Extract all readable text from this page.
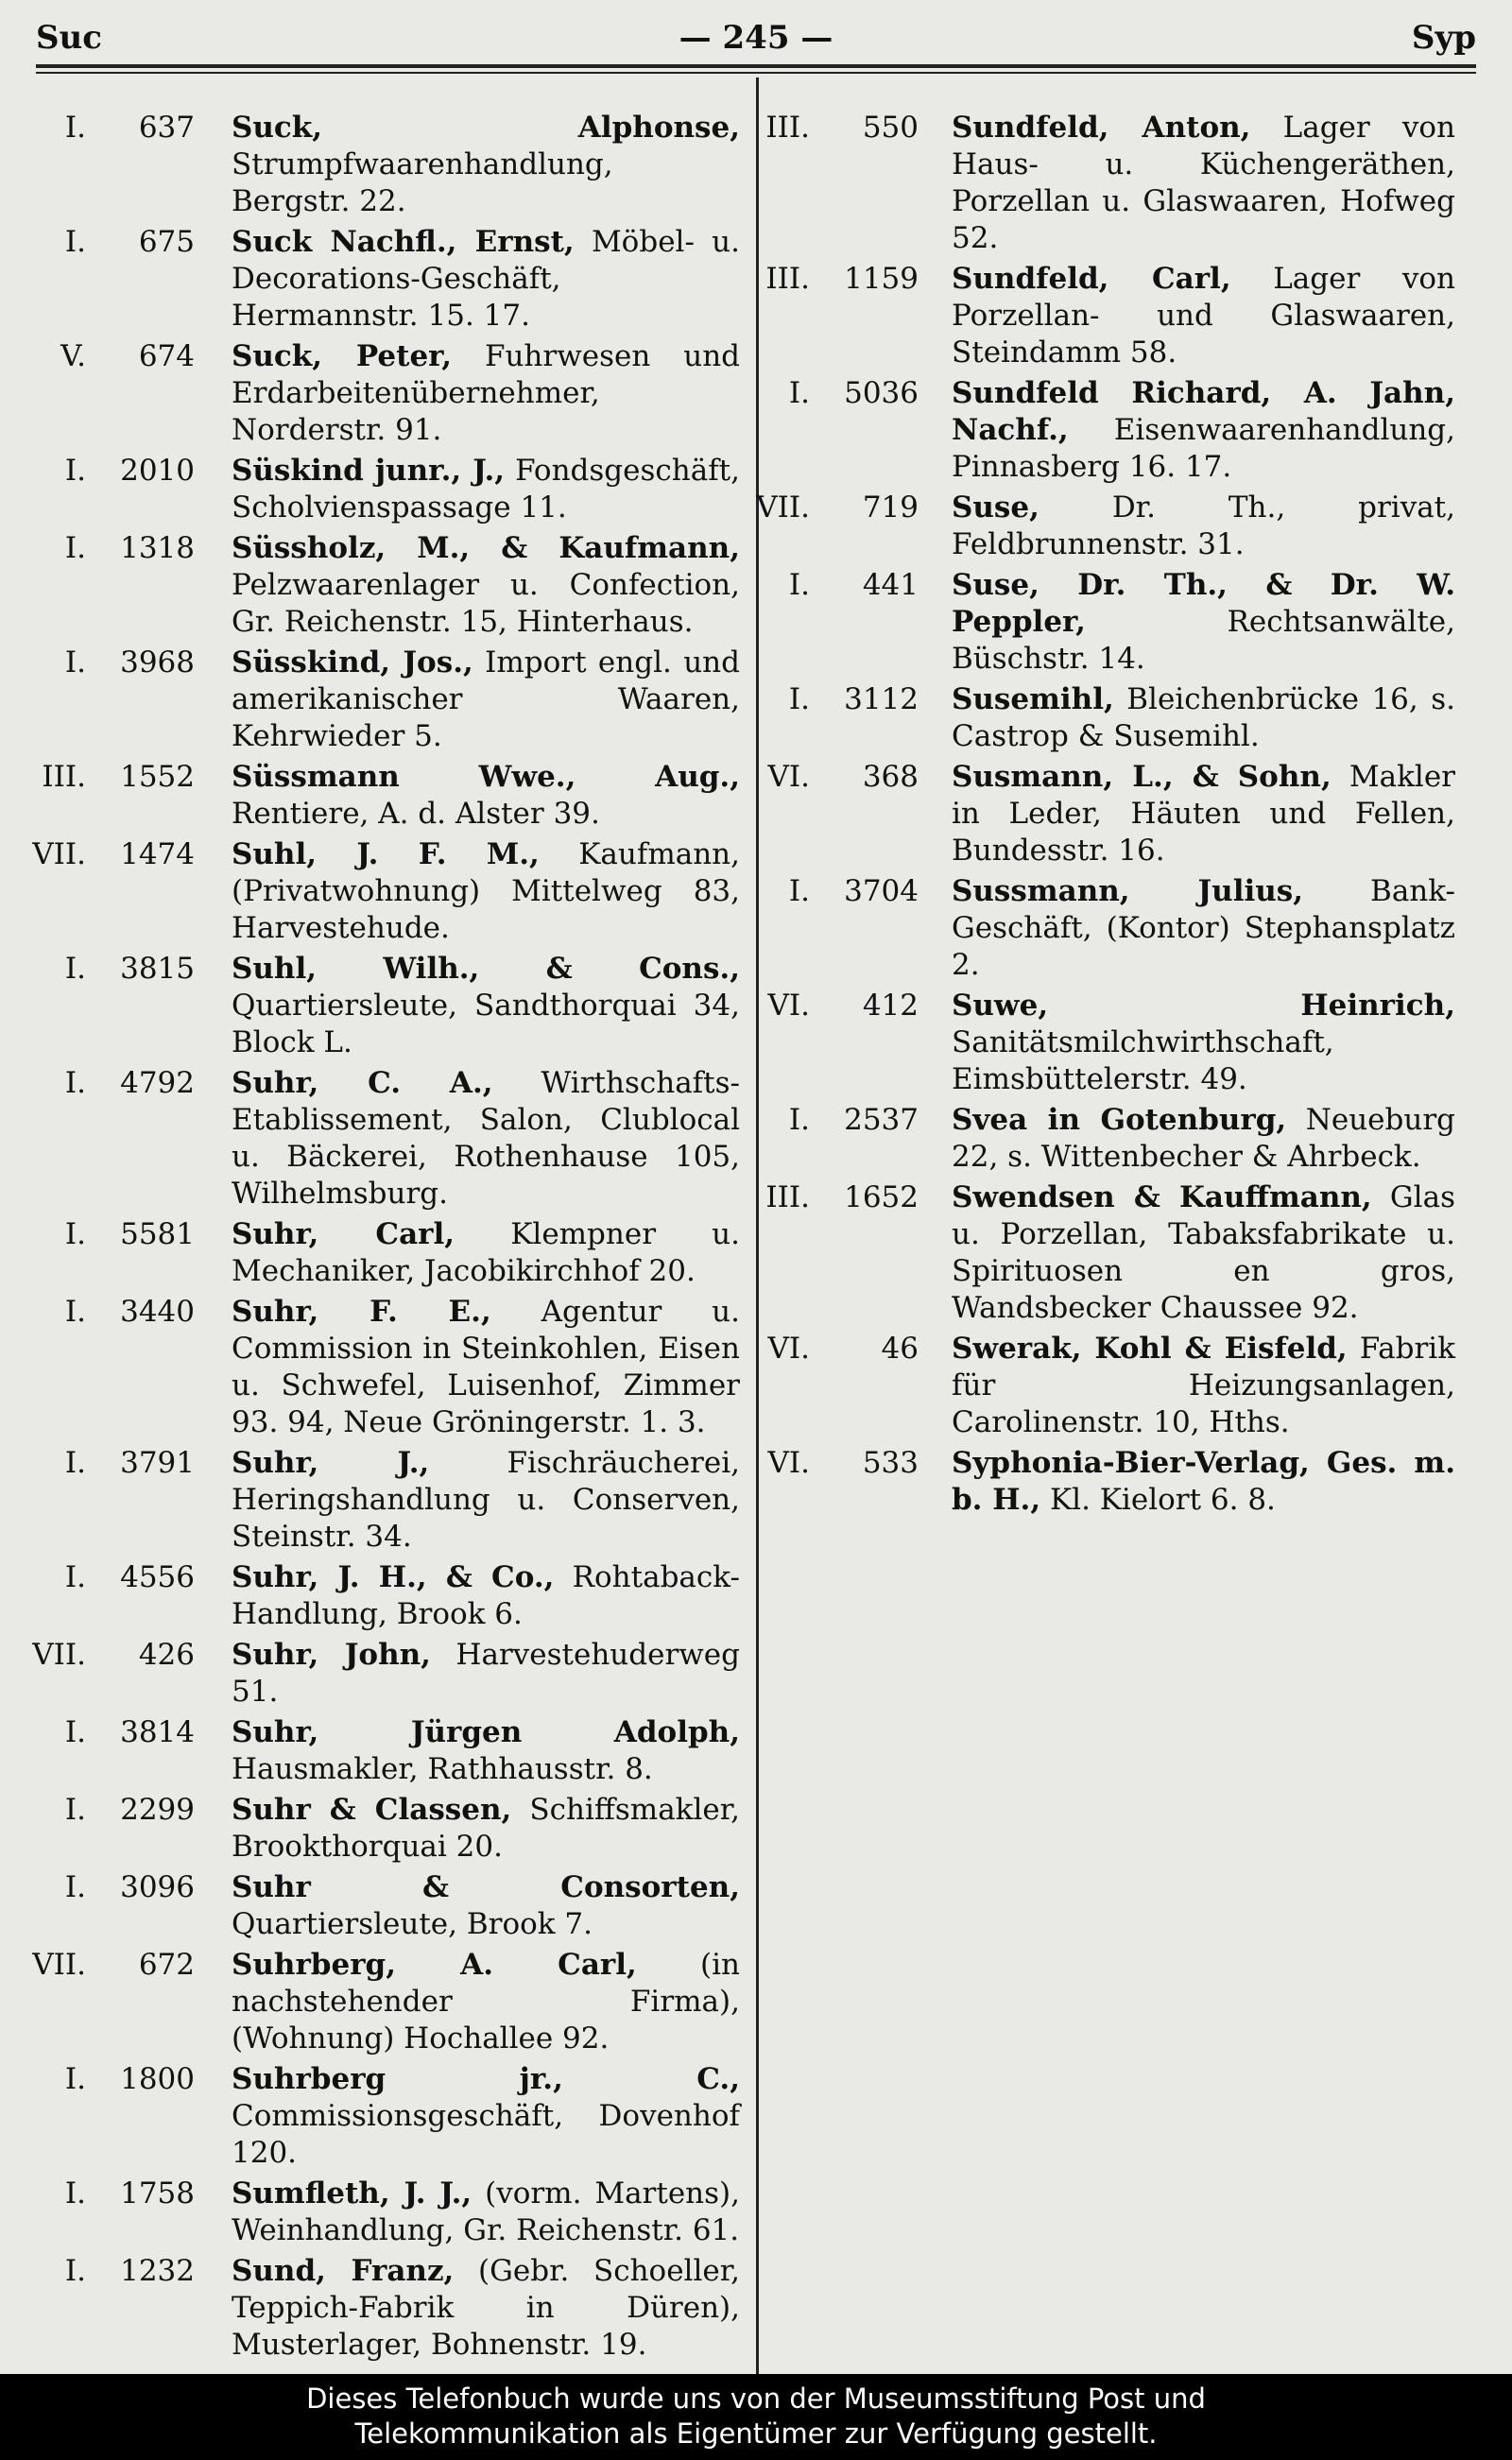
Suc	— 245 —	Syp
I. 637 Suck, Alphonse, Strumpfwaarenhandlung, Bergstr. 22.
I. 675 Suck Nachfl., Ernst, Möbel- u. Decorations-Geschäft, Hermannstr. 15. 17.
V. 674 Suck, Peter, Fuhrwesen und Erdarbeitenübernehmer, Norderstr. 91.
I. 2010 Süskind junr., J., Fondsgeschäft, Scholvienspassage 11.
I. 1318 Süssholz, M., & Kaufmann, Pelzwaarenlager u. Confection, Gr. Reichenstr. 15, Hinterhaus.
I. 3968 Süsskind, Jos., Import engl. und amerikanischer Waaren, Kehrwieder 5.
III. 1552 Süssmann Wwe., Aug., Rentiere, A. d. Alster 39.
VII. 1474 Suhl, J. F. M., Kaufmann, (Privatwohnung) Mittelweg 83, Harvestehude.
I. 3815 Suhl, Wilh., & Cons., Quartiersleute, Sandthorquai 34, Block L.
I. 4792 Suhr, C. A., Wirthschafts-Etablissement, Salon, Clublocal u. Bäckerei, Rothenhause 105, Wilhelmsburg.
I. 5581 Suhr, Carl, Klempner u. Mechaniker, Jacobikirchhof 20.
I. 3440 Suhr, F. E., Agentur u. Commission in Steinkohlen, Eisen u. Schwefel, Luisenhof, Zimmer 93. 94, Neue Gröningerstr. 1. 3.
I. 3791 Suhr, J., Fischräucherei, Heringshandlung u. Conserven, Steinstr. 34.
I. 4556 Suhr, J. H., & Co., Rohtaback-Handlung, Brook 6.
VII. 426 Suhr, John, Harvestehuderweg 51.
I. 3814 Suhr, Jürgen Adolph, Hausmakler, Rathhausstr. 8.
I. 2299 Suhr & Classen, Schiffsmakler, Brookthorquai 20.
I. 3096 Suhr & Consorten, Quartiersleute, Brook 7.
VII. 672 Suhrberg, A. Carl, (in nachstehender Firma), (Wohnung) Hochallee 92.
I. 1800 Suhrberg jr., C., Commissionsgeschäft, Dovenhof 120.
I. 1758 Sumfleth, J. J., (vorm. Martens), Weinhandlung, Gr. Reichenstr. 61.
I. 1232 Sund, Franz, (Gebr. Schoeller, Teppich-Fabrik in Düren), Musterlager, Bohnenstr. 19.
III. 550 Sundfeld, Anton, Lager von Haus- u. Küchengeräthen, Porzellan u. Glaswaaren, Hofweg 52.
III. 1159 Sundfeld, Carl, Lager von Porzellan- und Glaswaaren, Steindamm 58.
I. 5036 Sundfeld Richard, A. Jahn, Nachf., Eisenwaarenhandlung, Pinnasberg 16. 17.
VII. 719 Suse, Dr. Th., privat, Feldbrunnenstr. 31.
I. 441 Suse, Dr. Th., & Dr. W. Peppler, Rechtsanwälte, Büschstr. 14.
I. 3112 Susemihl, Bleichenbrücke 16, s. Castrop & Susemihl.
VI. 368 Susmann, L., & Sohn, Makler in Leder, Häuten und Fellen, Bundesstr. 16.
I. 3704 Sussmann, Julius, Bank-Geschäft, (Kontor) Stephansplatz 2.
VI. 412 Suwe, Heinrich, Sanitätsmilchwirthschaft, Eimsbüttelerstr. 49.
I. 2537 Svea in Gotenburg, Neueburg 22, s. Wittenbecher & Ahrbeck.
III. 1652 Swendsen & Kauffmann, Glas u. Porzellan, Tabaksfabrikate u. Spirituosen en gros, Wandsbecker Chaussee 92.
VI. 46 Swerak, Kohl & Eisfeld, Fabrik für Heizungsanlagen, Carolinenstr. 10, Hths.
VI. 533 Syphonia-Bier-Verlag, Ges. m. b. H., Kl. Kielort 6. 8.
Dieses Telefonbuch wurde uns von der Museumsstiftung Post und
Telekommunikation als Eigentümer zur Verfügung gestellt.
